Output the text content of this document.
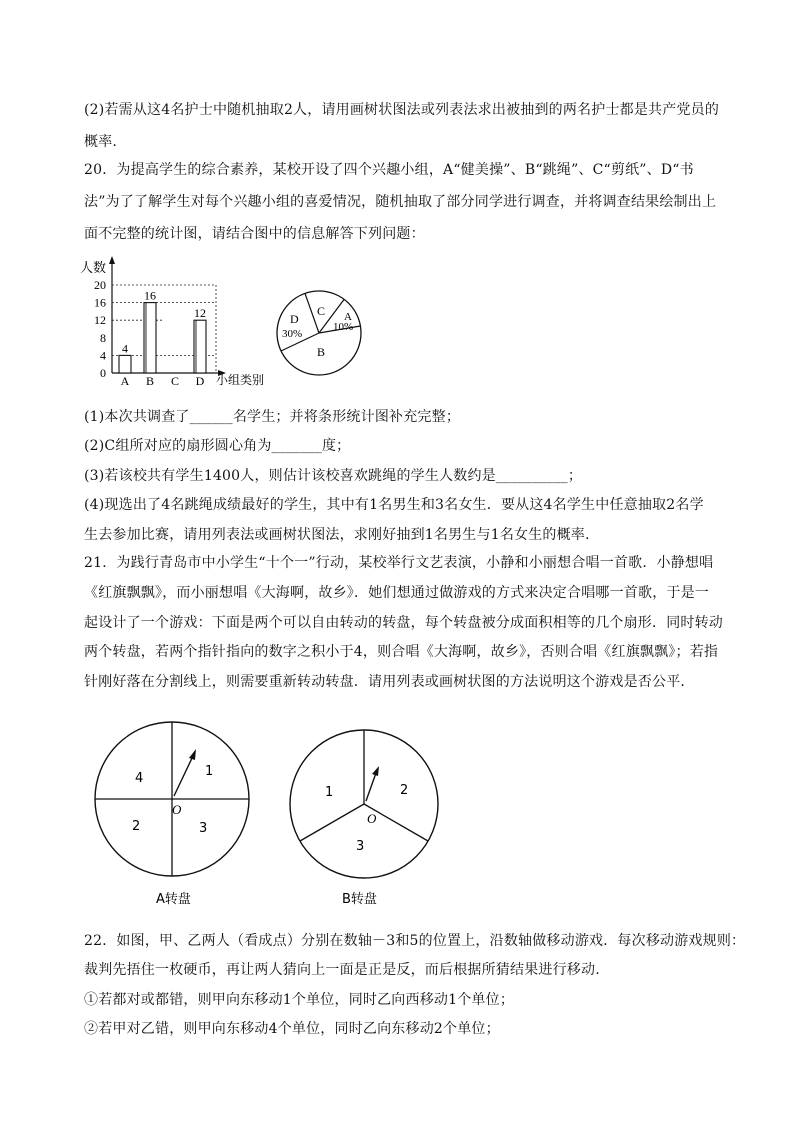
(2)若需从这4名护士中随机抽取2人，请用画树状图法或列表法求出被抽到的两名护士都是共产党员的
概率.
20．为提高学生的综合素养，某校开设了四个兴趣小组，A“健美操”、B“跳绳”、C“剪纸”、D“书
法”为了了解学生对每个兴趣小组的喜爱情况，随机抽取了部分同学进行调查，并将调查结果绘制出上
面不完整的统计图，请结合图中的信息解答下列问题：
人数
0
4
8
12
16
20
4
16
12
A B C D 小组类别
C
D
30%
A
10%
B
(1)本次共调查了______名学生；并将条形统计图补充完整；
(2)C组所对应的扇形圆心角为_______度；
(3)若该校共有学生1400人，则估计该校喜欢跳绳的学生人数约是__________；
(4)现选出了4名跳绳成绩最好的学生，其中有1名男生和3名女生．要从这4名学生中任意抽取2名学
生去参加比赛，请用列表法或画树状图法，求刚好抽到1名男生与1名女生的概率.
21．为践行青岛市中小学生“十个一”行动，某校举行文艺表演，小静和小丽想合唱一首歌．小静想唱
《红旗飘飘》，而小丽想唱《大海啊，故乡》．她们想通过做游戏的方式来决定合唱哪一首歌，于是一
起设计了一个游戏：下面是两个可以自由转动的转盘，每个转盘被分成面积相等的几个扇形．同时转动
两个转盘，若两个指针指向的数字之积小于4，则合唱《大海啊，故乡》，否则合唱《红旗飘飘》；若指
针刚好落在分割线上，则需要重新转动转盘．请用列表或画树状图的方法说明这个游戏是否公平.
O
1
2	3
4
A转盘
O
1	2
3
B转盘
22．如图，甲、乙两人（看成点）分别在数轴－3和5的位置上，沿数轴做移动游戏．每次移动游戏规则：
裁判先捂住一枚硬币，再让两人猜向上一面是正是反，而后根据所猜结果进行移动.
①若都对或都错，则甲向东移动1个单位，同时乙向西移动1个单位；
②若甲对乙错，则甲向东移动4个单位，同时乙向东移动2个单位；
